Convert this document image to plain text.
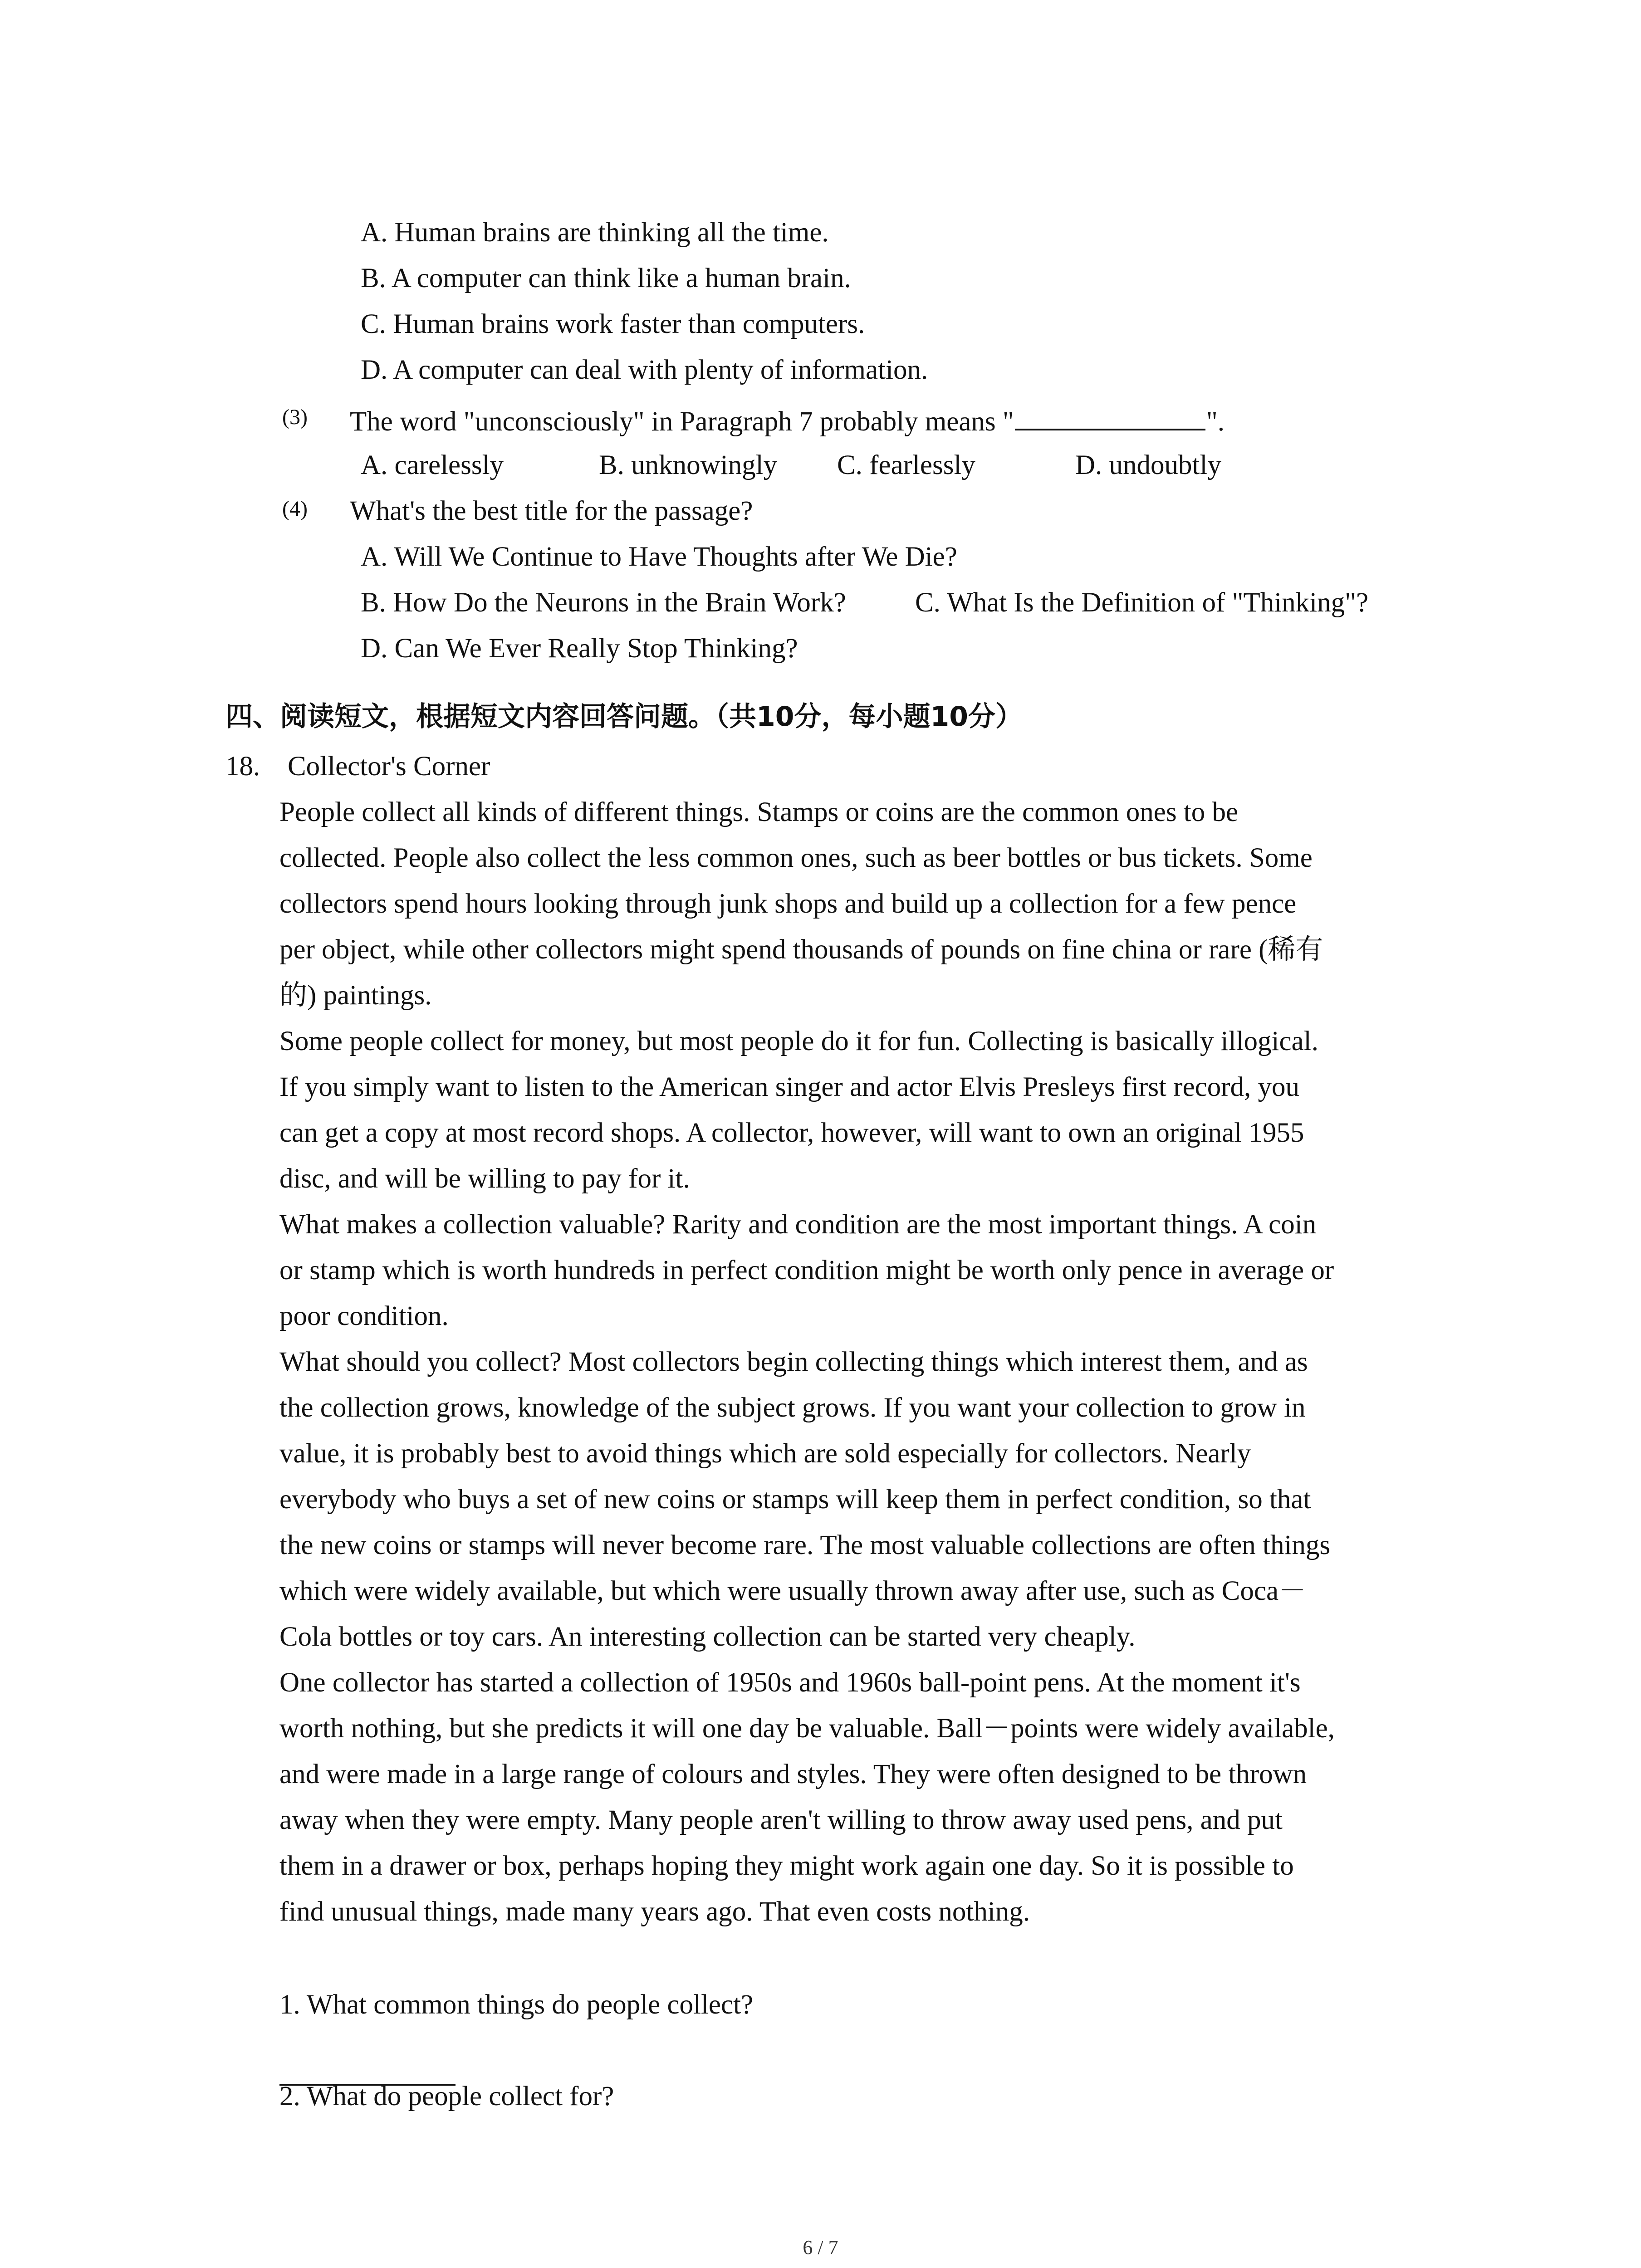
A. Human brains are thinking all the time.
B. A computer can think like a human brain.
C. Human brains work faster than computers.
D. A computer can deal with plenty of information.
(3) The word "unconsciously" in Paragraph 7 probably means "	".
A. carelessly	B. unknowingly C. fearlessly	D. undoubtly
(4) What's the best title for the passage?
A. Will We Continue to Have Thoughts after We Die?
B. How Do the Neurons in the Brain Work? C. What Is the Definition of "Thinking"?
D. Can We Ever Really Stop Thinking?
四、阅读短文，根据短文内容回答问题。（共10分，每小题10分）
18. Collector's Corner
People collect all kinds of different things. Stamps or coins are the common ones to be
collected. People also collect the less common ones, such as beer bottles or bus tickets. Some
collectors spend hours looking through junk shops and build up a collection for a few pence
per object, while other collectors might spend thousands of pounds on fine china or rare (稀有
的) paintings.
Some people collect for money, but most people do it for fun. Collecting is basically illogical.
If you simply want to listen to the American singer and actor Elvis Presleys first record, you
can get a copy at most record shops. A collector, however, will want to own an original 1955
disc, and will be willing to pay for it.
What makes a collection valuable? Rarity and condition are the most important things. A coin
or stamp which is worth hundreds in perfect condition might be worth only pence in average or
poor condition.
What should you collect? Most collectors begin collecting things which interest them, and as
the collection grows, knowledge of the subject grows. If you want your collection to grow in
value, it is probably best to avoid things which are sold especially for collectors. Nearly
everybody who buys a set of new coins or stamps will keep them in perfect condition, so that
the new coins or stamps will never become rare. The most valuable collections are often things
which were widely available, but which were usually thrown away after use, such as Coca－
Cola bottles or toy cars. An interesting collection can be started very cheaply.
One collector has started a collection of 1950s and 1960s ball-point pens. At the moment it's
worth nothing, but she predicts it will one day be valuable. Ball－points were widely available,
and were made in a large range of colours and styles. They were often designed to be thrown
away when they were empty. Many people aren't willing to throw away used pens, and put
them in a drawer or box, perhaps hoping they might work again one day. So it is possible to
find unusual things, made many years ago. That even costs nothing.
1. What common things do people collect?
2. What do people collect for?
6 / 7
